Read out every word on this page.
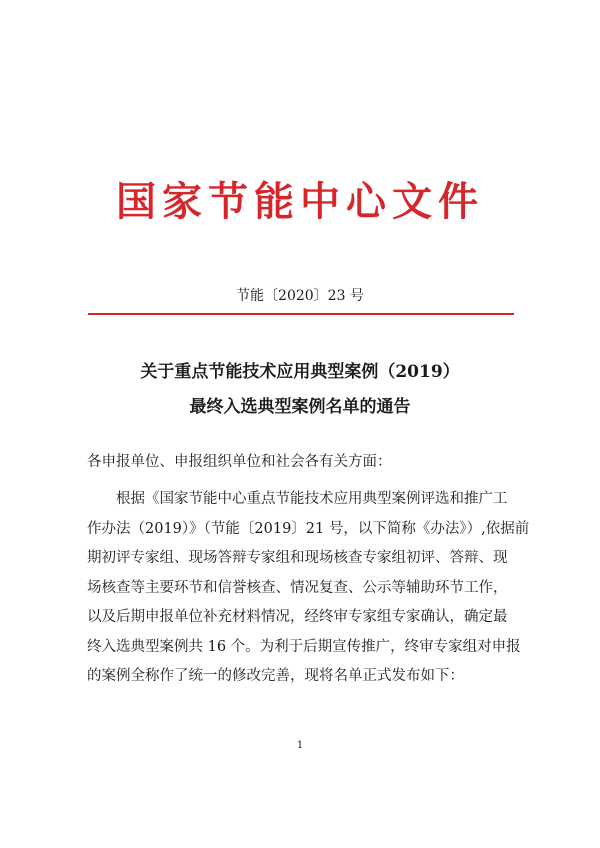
国家节能中心文件
节能〔2020〕23 号
关于重点节能技术应用典型案例（2019）
最终入选典型案例名单的通告
各申报单位、申报组织单位和社会各有关方面：
根据《国家节能中心重点节能技术应用典型案例评选和推广工
作办法（2019）》（节能〔2019〕21 号，以下简称《办法》）,依据前
期初评专家组、现场答辩专家组和现场核查专家组初评、答辩、现
场核查等主要环节和信誉核查、情况复查、公示等辅助环节工作，
以及后期申报单位补充材料情况，经终审专家组专家确认，确定最
终入选典型案例共 16 个。为利于后期宣传推广，终审专家组对申报
的案例全称作了统一的修改完善，现将名单正式发布如下：
1
